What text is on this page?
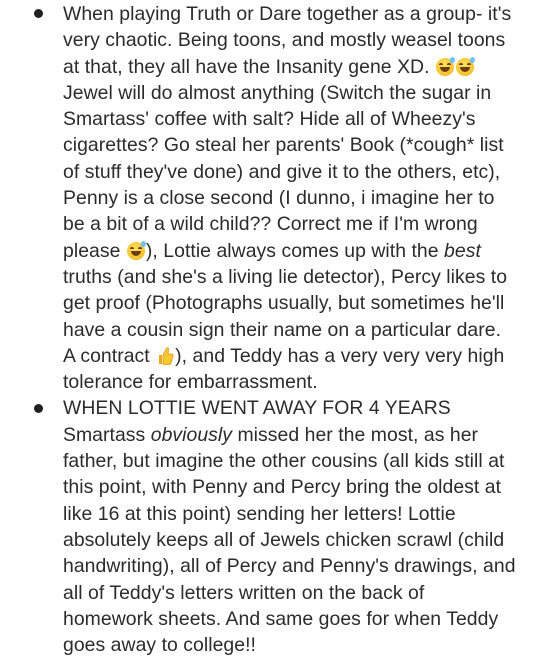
When playing Truth or Dare together as a group- it's
very chaotic. Being toons, and mostly weasel toons
at that, they all have the Insanity gene XD.
Jewel will do almost anything (Switch the sugar in
Smartass' coffee with salt? Hide all of Wheezy's
cigarettes? Go steal her parents' Book (*cough* list
of stuff they've done) and give it to the others, etc),
Penny is a close second (I dunno, i imagine her to
be a bit of a wild child?? Correct me if I'm wrong
please ), Lottie always comes up with the best
truths (and she's a living lie detector), Percy likes to
get proof (Photographs usually, but sometimes he'll
have a cousin sign their name on a particular dare.
A contract ), and Teddy has a very very very high
tolerance for embarrassment.
WHEN LOTTIE WENT AWAY FOR 4 YEARS
Smartass obviously missed her the most, as her
father, but imagine the other cousins (all kids still at
this point, with Penny and Percy bring the oldest at
like 16 at this point) sending her letters! Lottie
absolutely keeps all of Jewels chicken scrawl (child
handwriting), all of Percy and Penny's drawings, and
all of Teddy's letters written on the back of
homework sheets. And same goes for when Teddy
goes away to college!!
